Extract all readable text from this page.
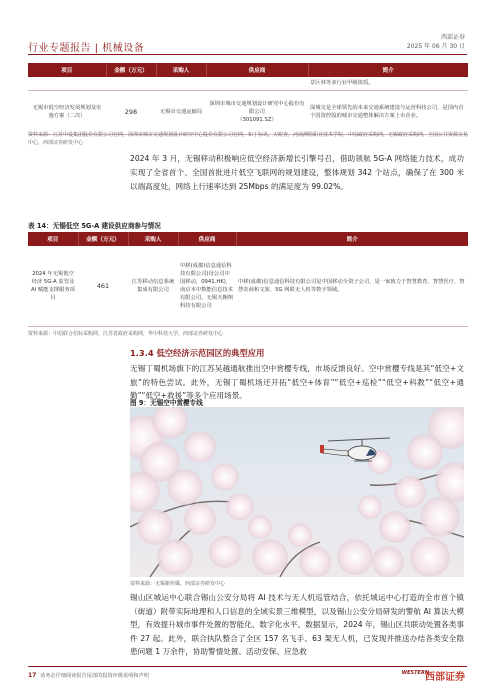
行业专题报告 | 机械设备
西部证券
2025 年 06 月 30 日
项目	金额（万元）	采购人	供应商	简介
				景区林等多行业甲级资质。
无锡市低空经济发展规划及实施方案（二次）	298	无锡市交通运输局	深圳市城市交通规划设计研究中心股份有限公司
（301091.SZ）	深城交是全球领先的未来交通系统建设与运营科技公司，是国内首个国资控股的城市交通整体解决方案上市企业。
资料来源：江苏中设集团股份有限公司官网，深圳市城市交通规划设计研究中心股份有限公司官网，如丁标讯，天眼查，河南测绘职业技术学院，中国政府采购网，无锡政府采购网，全国公共资源交易中心，西部证券研发中心
2024 年 3 月，无锡移动积极响应低空经济新增长引擎号召，借助领航 5G-A 网络能力技术，成功实现了全省首个、全国首批进片低空飞联网的规划建设，整体规划 342 个站点，确保了在 300 米以端高度处，网络上行速率达到 25Mbps 的满足度为 99.02%。
表 14：无锡低空 5G-A 建设供应商参与情况
项目	金额（万元）	采购人	供应商	简介
2024 年无锡低空经济 5G-A 监管及 AI 赋能支撑服务项目	461	江苏移动信息系统集成有限公司	中移(成都)信息通信科技有限公司(母公司中国移动，0941.HK)，南京本中数能信息技术有限公司，无锡天翱翔科技有限公司	中移(成都)信息通信科技有限公司是中国移动全资子公司，是一家致力于智慧教育、智慧医疗、智慧农商和文旅、5G 网联无人机等数字领域。
资料来源：中招联合招标采购网，江苏省政府采购网，华中科技大学，西部证券研发中心
1.3.4 低空经济示范园区的典型应用
无锡丁蜀机场旗下的江苏吴越通航推出空中赏樱专线，市场反馈良好。空中赏樱专线是其“低空+文旅”的特色尝试。此外，无锡丁蜀机场还开拓“低空+体育”“低空+巡检”“低空+科教”“低空+通勤”“低空+救援”等多个应用场景。
图 9：无锡空中赏樱专线
资料来源：无锡新传媒，西部证券研发中心
锡山区城运中心联合锡山公安分局将 AI 技术与无人机巡管结合，依托城运中心打造的全市首个镇（街道）附带实际地理和人口信息的全域实景三维模型，以及锡山公安分局研发的警航 AI 算法大模型，有效提升城市事件处置的智能化、数字化水平。数据显示，2024 年，锡山区共联动处置各类事件 27 起。此外，联合执队整合了全区 157 名飞手、63 架无人机，已发现并推送办结各类安全隐患问题 1 万余件，协助警情处置、活动安保、应急救
17 请务必仔细阅读报告尾部的投资评级说明和声明	WESTERN
西部证券
